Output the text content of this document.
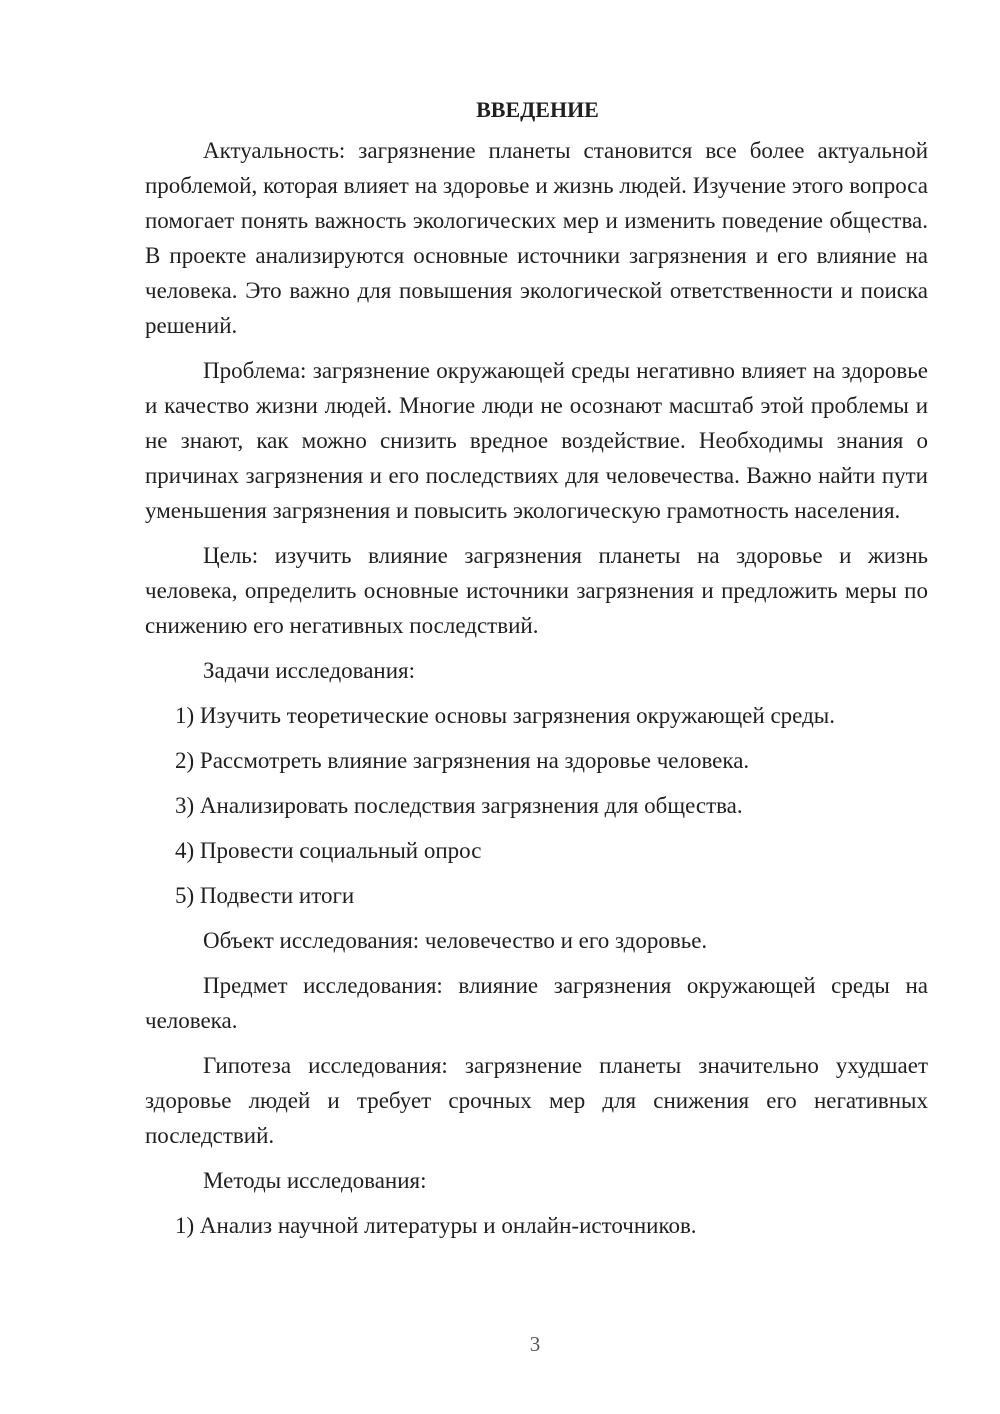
ВВЕДЕНИЕ

Актуальность: загрязнение планеты становится все более актуальной проблемой, которая влияет на здоровье и жизнь людей. Изучение этого вопроса помогает понять важность экологических мер и изменить поведение общества. В проекте анализируются основные источники загрязнения и его влияние на человека. Это важно для повышения экологической ответственности и поиска решений.

Проблема: загрязнение окружающей среды негативно влияет на здоровье и качество жизни людей. Многие люди не осознают масштаб этой проблемы и не знают, как можно снизить вредное воздействие. Необходимы знания о причинах загрязнения и его последствиях для человечества. Важно найти пути уменьшения загрязнения и повысить экологическую грамотность населения.

Цель: изучить влияние загрязнения планеты на здоровье и жизнь человека, определить основные источники загрязнения и предложить меры по снижению его негативных последствий.

Задачи исследования:
1) Изучить теоретические основы загрязнения окружающей среды.
2) Рассмотреть влияние загрязнения на здоровье человека.
3) Анализировать последствия загрязнения для общества.
4) Провести социальный опрос
5) Подвести итоги

Объект исследования: человечество и его здоровье.

Предмет исследования: влияние загрязнения окружающей среды на человека.

Гипотеза исследования: загрязнение планеты значительно ухудшает здоровье людей и требует срочных мер для снижения его негативных последствий.

Методы исследования:
1) Анализ научной литературы и онлайн-источников.
3
